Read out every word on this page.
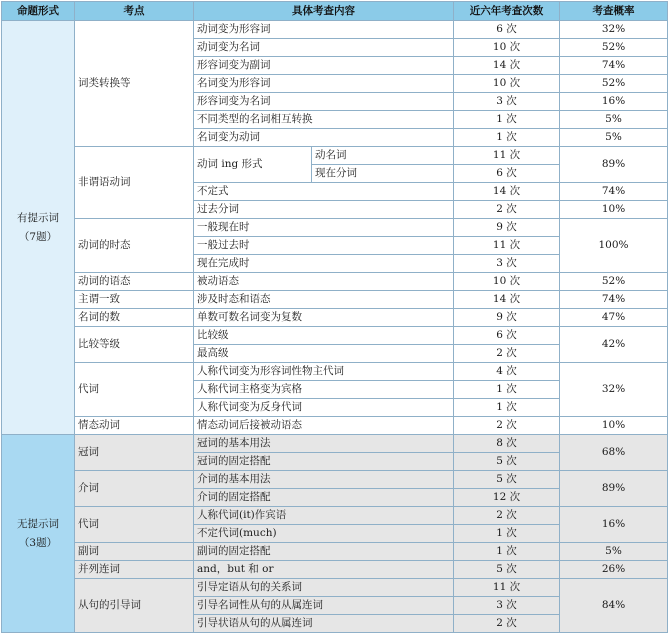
命题形式	考点	具体考查内容		近六年考查次数	考查概率

有提示词
（7题）	词类转换等	动词变为形容词		6 次	32%
		动词变为名词		10 次	52%
		形容词变为副词		14 次	74%
		名词变为形容词		10 次	52%
		形容词变为名词		3 次	16%
		不同类型的名词相互转换		1 次	5%
		名词变为动词		1 次	5%
	非谓语动词	动词 ing 形式	动名词	11 次	89%
			现在分词	6 次	
		不定式		14 次	74%
		过去分词		2 次	10%
	动词的时态	一般现在时		9 次	100%
		一般过去时		11 次	
		现在完成时		3 次	
	动词的语态	被动语态		10 次	52%
	主谓一致	涉及时态和语态		14 次	74%
	名词的数	单数可数名词变为复数		9 次	47%
	比较等级	比较级		6 次	42%
		最高级		2 次	
	代词	人称代词变为形容词性物主代词		4 次	32%
		人称代词主格变为宾格		1 次	
		人称代词变为反身代词		1 次	
	情态动词	情态动词后接被动语态		2 次	10%

无提示词
（3题）	冠词	冠词的基本用法		8 次	68%
		冠词的固定搭配		5 次	
	介词	介词的基本用法		5 次	89%
		介词的固定搭配		12 次	
	代词	人称代词(it)作宾语		2 次	16%
		不定代词(much)		1 次	
	副词	副词的固定搭配		1 次	5%
	并列连词	and，but 和 or		5 次	26%
	从句的引导词	引导定语从句的关系词		11 次	84%
		引导名词性从句的从属连词		3 次	
		引导状语从句的从属连词		2 次	
